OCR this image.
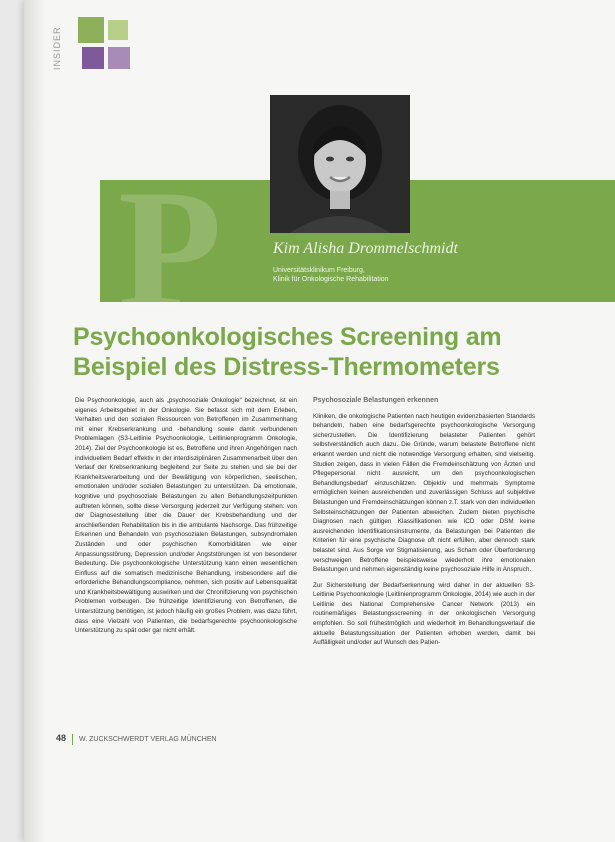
INSIDER
P	Kim Alisha Drommelschmidt
Universitätsklinikum Freiburg,
Klinik für Onkologische Rehabilitation
Psychoonkologisches Screening am Beispiel des Distress-Thermometers

Die Psychoonkologie, auch als „psychosoziale Onkologie“ bezeichnet, ist ein eigenes Arbeitsgebiet in der Onkologie. Sie befasst sich mit dem Erleben, Verhalten und den sozialen Ressourcen von Betroffenen im Zusammenhang mit einer Krebserkrankung und ‑behandlung sowie damit verbundenen Problemlagen (S3-Leitlinie Psychoonkologie, Leitlinienprogramm Onkologie, 2014). Ziel der Psychoonkologie ist es, Betroffene und ihren Angehörigen nach individuellem Bedarf effektiv in der interdisziplinären Zusammenarbeit über den Verlauf der Krebserkrankung begleitend zur Seite zu stehen und sie bei der Krankheitsverarbeitung und der Bewältigung von körperlichen, seelischen, emotionalen und/oder sozialen Belastungen zu unterstützen. Da emotionale, kognitive und psychosoziale Belastungen zu allen Behandlungszeitpunkten auftreten können, sollte diese Versorgung jederzeit zur Verfügung stehen: von der Diagnosestellung über die Dauer der Krebsbehandlung und der anschließenden Rehabilitation bis in die ambulante Nachsorge. Das frühzeitige Erkennen und Behandeln von psychosozialen Belastungen, subsyndromalen Zuständen und oder psychischen Komorbiditäten wie einer Anpassungsstörung, Depression und/oder Angststörungen ist von besonderer Bedeutung. Die psychoonkologische Unterstützung kann einen wesentlichen Einfluss auf die somatisch medizinische Behandlung, insbesondere auf die erforderliche Behandlungscompliance, nehmen, sich positiv auf Lebensqualität und Krankheitsbewältigung auswirken und der Chronifizierung von psychischen Problemen vorbeugen. Die frühzeitige Identifizierung von Betroffenen, die Unterstützung benötigen, ist jedoch häufig ein großes Problem, was dazu führt, dass eine Vielzahl von Patienten, die bedarfsgerechte psychoonkologische Unterstützung zu spät oder gar nicht erhält.

Psychosoziale Belastungen erkennen

Kliniken, die onkologische Patienten nach heutigen evidenzbasierten Standards behandeln, haben eine bedarfsgerechte psychoonkologische Versorgung sicherzustellen. Die Identifizierung belasteter Patienten gehört selbstverständlich auch dazu. Die Gründe, warum belastete Betroffene nicht erkannt werden und nicht die notwendige Versorgung erhalten, sind vielseitig. Studien zeigen, dass in vielen Fällen die Fremdeinschätzung von Ärzten und Pflegepersonal nicht ausreicht, um den psychoonkologischen Behandlungsbedarf einzuschätzen. Objektiv und mehrmals Symptome ermöglichen keinen ausreichenden und zuverlässigen Schluss auf subjektive Belastungen und Fremdeinschätzungen können z.T. stark von den individuellen Selbsteinschätzungen der Patienten abweichen. Zudem bieten psychische Diagnosen nach gültigen Klassifikationen wie ICD oder DSM keine ausreichenden Identifikationsinstrumente, da Belastungen bei Patienten die Kriterien für eine psychische Diagnose oft nicht erfüllen, aber dennoch stark belastet sind. Aus Sorge vor Stigmatisierung, aus Scham oder Überforderung verschweigen Betroffene beispielsweise wiederholt ihre emotionalen Belastungen und nehmen eigenständig keine psychosoziale Hilfe in Anspruch.

Zur Sicherstellung der Bedarfserkennung wird daher in der aktuellen S3-Leitlinie Psychoonkologie (Leitlinienprogramm Onkologie, 2014) wie auch in der Leitlinie des National Comprehensive Cancer Network (2013) ein routinemäßiges Belastungsscreening in der onkologischen Versorgung empfohlen. So soll frühestmöglich und wiederholt im Behandlungsverlauf die aktuelle Belastungssituation der Patienten erhoben werden, damit bei Auffälligkeit und/oder auf Wunsch des Patien-

48 W. ZUCKSCHWERDT VERLAG MÜNCHEN
